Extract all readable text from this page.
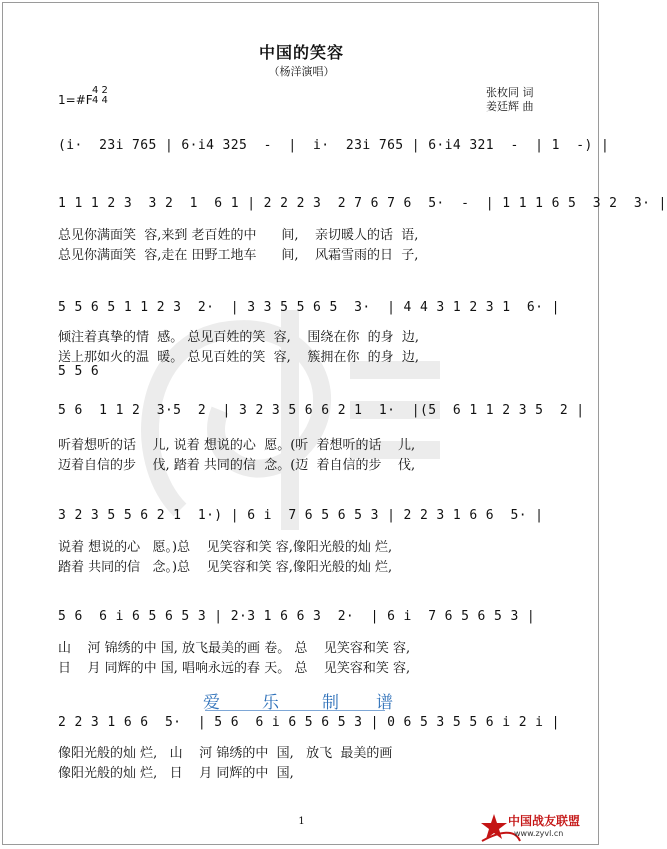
中国的笑容
（杨洋演唱）
张枚同 词
姜廷辉 曲
1=#F
4 2
4 4
(i·  23i 765 | 6·i4 325  -  |  i·  23i 765 | 6·i4 321  -  | 1  -) |
1 1 1 2 3  3 2  1  6 1 | 2 2 2 3  2 7 6 7 6  5·  -  | 1 1 1 6 5  3 2  3· |
总见你满面笑  容,来到 老百姓的中      间,    亲切暖人的话  语,
总见你满面笑  容,走在 田野工地车      间,    风霜雪雨的日  子,
5 5 6 5 1 1 2 3  2·  | 3 3 5 5 6 5  3·  | 4 4 3 1 2 3 1  6· |
倾注着真挚的情  感。 总见百姓的笑  容,    围绕在你  的身  边,
送上那如火的温  暖。 总见百姓的笑  容,    簇拥在你  的身  边,
5 5 6
5 6  1 1 2  3·5  2  | 3 2 3 5 6 6 2 1  1·  |(5  6 1 1 2 3 5  2 |
听着想听的话    儿, 说着 想说的心  愿。(听  着想听的话    儿,
迈着自信的步    伐, 踏着 共同的信  念。(迈  着自信的步    伐,
3 2 3 5 5 6 2 1  1·) | 6 i  7 6 5 6 5 3 | 2 2 3 1 6 6  5· |
说着 想说的心   愿。)总    见笑容和笑 容,像阳光般的灿 烂,
踏着 共同的信   念。)总    见笑容和笑 容,像阳光般的灿 烂,
5 6  6 i 6 5 6 5 3 | 2·3 1 6 6 3  2·  | 6 i  7 6 5 6 5 3 |
山    河 锦绣的中 国, 放飞最美的画 卷。 总    见笑容和笑 容,
日    月 同辉的中 国, 唱响永远的春 天。 总    见笑容和笑 容,
爱 乐	制 谱
2 2 3 1 6 6  5·  | 5 6  6 i 6 5 6 5 3 | 0 6 5 3 5 5 6 i 2 i |
像阳光般的灿 烂,   山    河 锦绣的中  国,   放飞  最美的画
像阳光般的灿 烂,   日    月 同辉的中  国,
1	中国战友联盟
www.zyvl.cn
